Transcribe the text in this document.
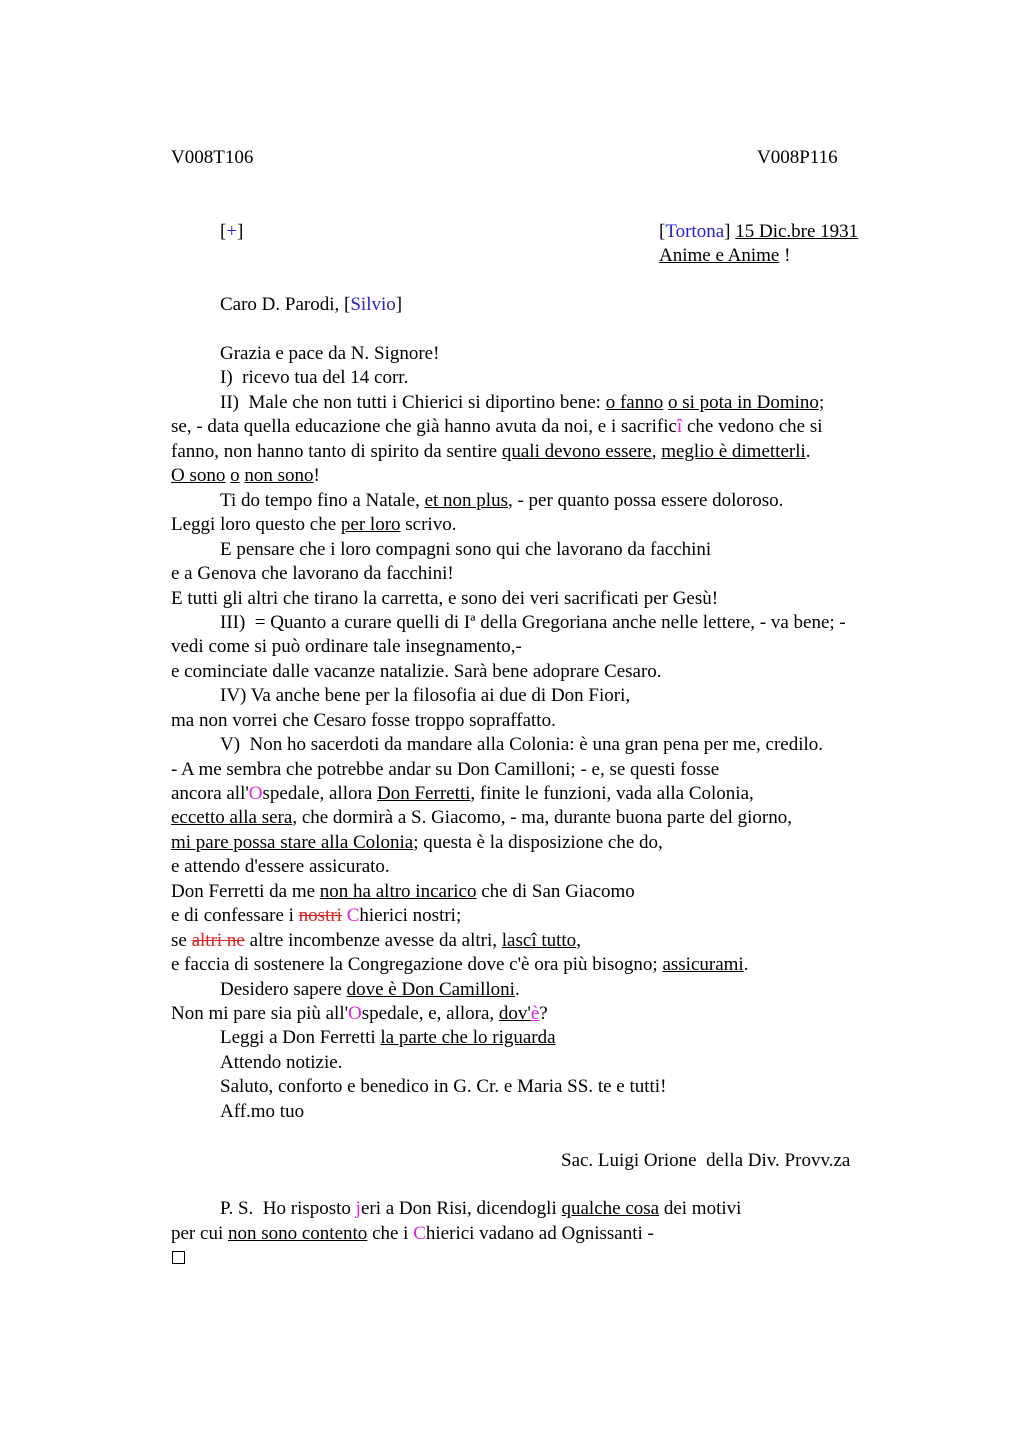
V008T106	V008P116
[+]	[Tortona] 15 Dic.bre 1931
Anime e Anime !
Caro D. Parodi, [Silvio]
Grazia e pace da N. Signore!
I)  ricevo tua del 14 corr.
II)  Male che non tutti i Chierici si diportino bene: o fanno o si pota in Domino;
se, - data quella educazione che già hanno avuta da noi, e i sacrificî che vedono che si
fanno, non hanno tanto di spirito da sentire quali devono essere, meglio è dimetterli.
O sono o non sono!
Ti do tempo fino a Natale, et non plus, - per quanto possa essere doloroso.
Leggi loro questo che per loro scrivo.
E pensare che i loro compagni sono qui che lavorano da facchini
e a Genova che lavorano da facchini!
E tutti gli altri che tirano la carretta, e sono dei veri sacrificati per Gesù!
III)  = Quanto a curare quelli di Iª della Gregoriana anche nelle lettere, - va bene; -
vedi come si può ordinare tale insegnamento,-
e cominciate dalle vacanze natalizie. Sarà bene adoprare Cesaro.
IV) Va anche bene per la filosofia ai due di Don Fiori,
ma non vorrei che Cesaro fosse troppo sopraffatto.
V)  Non ho sacerdoti da mandare alla Colonia: è una gran pena per me, credilo.
- A me sembra che potrebbe andar su Don Camilloni; - e, se questi fosse
ancora all'Ospedale, allora Don Ferretti, finite le funzioni, vada alla Colonia,
eccetto alla sera, che dormirà a S. Giacomo, - ma, durante buona parte del giorno,
mi pare possa stare alla Colonia; questa è la disposizione che do,
e attendo d'essere assicurato.
Don Ferretti da me non ha altro incarico che di San Giacomo
e di confessare i nostri Chierici nostri;
se altri ne altre incombenze avesse da altri, lascî tutto,
e faccia di sostenere la Congregazione dove c'è ora più bisogno; assicurami.
Desidero sapere dove è Don Camilloni.
Non mi pare sia più all'Ospedale, e, allora, dov'è?
Leggi a Don Ferretti la parte che lo riguarda
Attendo notizie.
Saluto, conforto e benedico in G. Cr. e Maria SS. te e tutti!
Aff.mo tuo
Sac. Luigi Orione  della Div. Provv.za
P. S.  Ho risposto jeri a Don Risi, dicendogli qualche cosa dei motivi
per cui non sono contento che i Chierici vadano ad Ognissanti -
